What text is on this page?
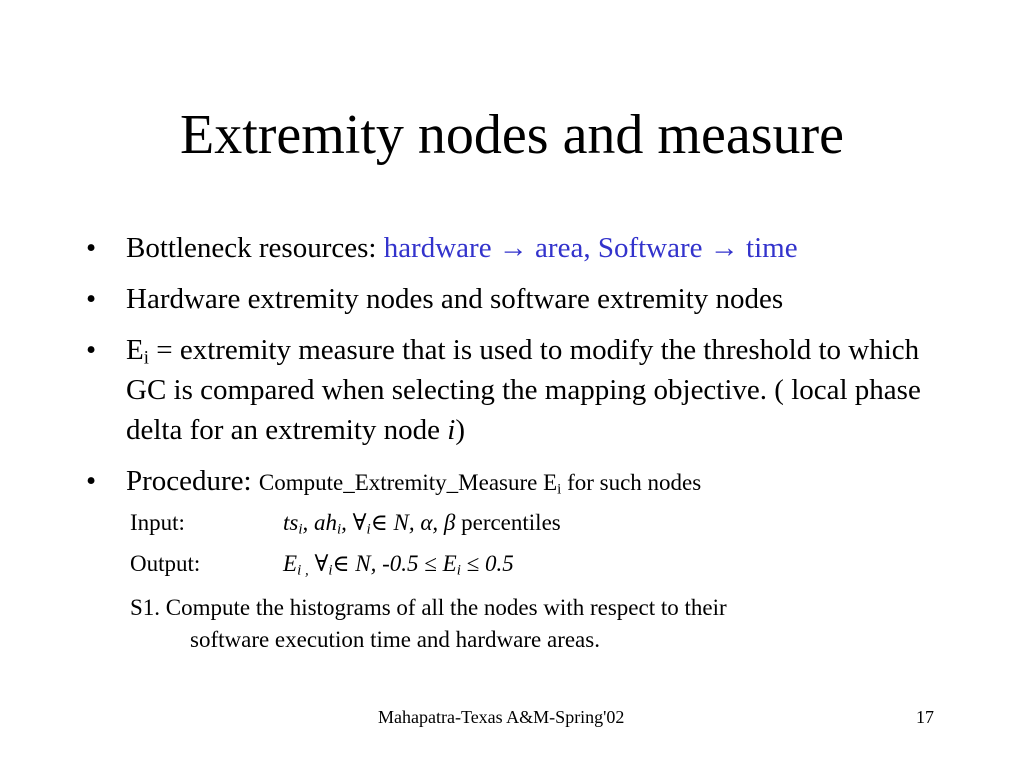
Extremity nodes and measure
• Bottleneck resources: hardware → area, Software → time
• Hardware extremity nodes and software extremity nodes
• $E_i$ = extremity measure that is used to modify the threshold to which GC is compared when selecting the mapping objective. ( local phase delta for an extremity node i)
• Procedure: Compute_Extremity_Measure $E_i$ for such nodes
Input:	$ts_i$, $ah_i$, $\forall_i\in$ N, α, β percentiles
Output:	$E_{i ,}$ $\forall_i\in$ N, $-0.5 \le E_i \le 0.5$
S1. Compute the histograms of all the nodes with respect to their
software execution time and hardware areas.
Mahapatra-Texas A&M-Spring'02	17
